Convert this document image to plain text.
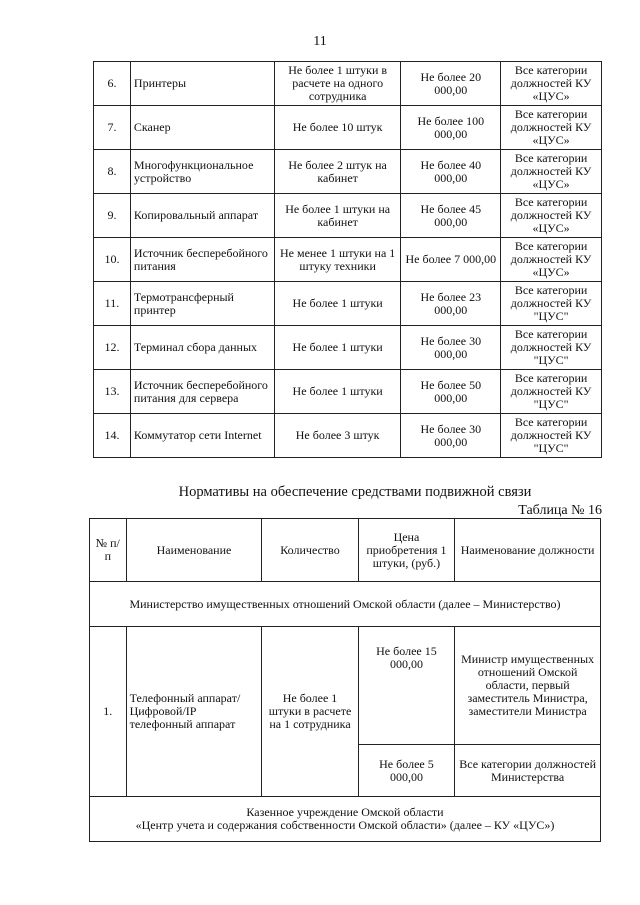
11
6.	Принтеры	Не более 1 штуки в расчете на одного сотрудника	Не более 20 000,00	Все категории должностей КУ «ЦУС»
7.	Сканер	Не более 10 штук	Не более 100 000,00	Все категории должностей КУ «ЦУС»
8.	Многофункциональное устройство	Не более 2 штук на кабинет	Не более 40 000,00	Все категории должностей КУ «ЦУС»
9.	Копировальный аппарат	Не более 1 штуки на кабинет	Не более 45 000,00	Все категории должностей КУ «ЦУС»
10.	Источник бесперебойного питания	Не менее 1 штуки на 1 штуку техники	Не более 7 000,00	Все категории должностей КУ «ЦУС»
11.	Термотрансферный принтер	Не более 1 штуки	Не более 23 000,00	Все категории должностей КУ "ЦУС"
12.	Терминал сбора данных	Не более 1 штуки	Не более 30 000,00	Все категории должностей КУ "ЦУС"
13.	Источник бесперебойного питания для сервера	Не более 1 штуки	Не более 50 000,00	Все категории должностей КУ "ЦУС"
14.	Коммутатор сети Internet	Не более 3 штук	Не более 30 000,00	Все категории должностей КУ "ЦУС"
Нормативы на обеспечение средствами подвижной связи
Таблица № 16
№ п/п	Наименование	Количество	Цена приобретения 1 штуки, (руб.)	Наименование должности
Министерство имущественных отношений Омской области (далее – Министерство)				
1.	Телефонный аппарат/Цифровой/IP телефонный аппарат	Не более 1 штуки в расчете на 1 сотрудника	Не более 15 000,00	Министр имущественных отношений Омской области, первый заместитель Министра, заместители Министра
			Не более 5 000,00	Все категории должностей Министерства

Казенное учреждение Омской области
«Центр учета и содержания собственности Омской области» (далее – КУ «ЦУС»)				
